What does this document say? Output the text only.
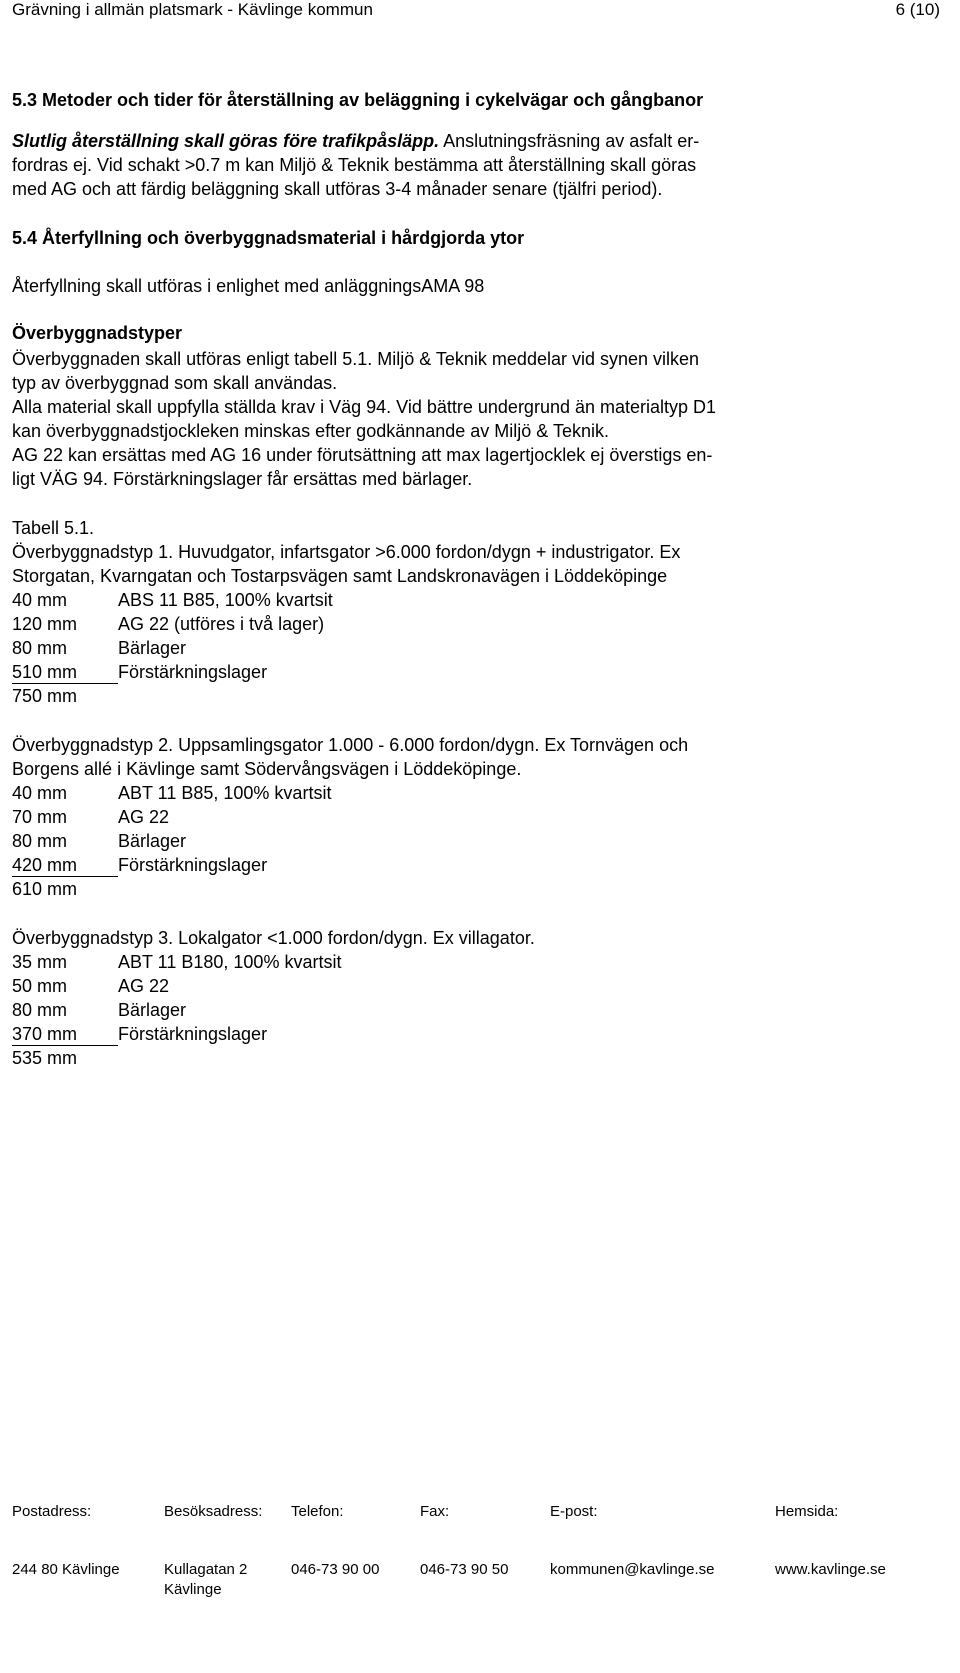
Grävning i allmän platsmark - Kävlinge kommun	6 (10)
5.3 Metoder och tider för återställning av beläggning i cykelvägar och gångbanor
Slutlig återställning skall göras före trafikpåsläpp. Anslutningsfräsning av asfalt er-
fordras ej. Vid schakt >0.7 m kan Miljö & Teknik bestämma att återställning skall göras
med AG och att färdig beläggning skall utföras 3-4 månader senare (tjälfri period).
5.4 Återfyllning och överbyggnadsmaterial i hårdgjorda ytor
Återfyllning skall utföras i enlighet med anläggningsAMA 98
Överbyggnadstyper
Överbyggnaden skall utföras enligt tabell 5.1. Miljö & Teknik meddelar vid synen vilken
typ av överbyggnad som skall användas.
Alla material skall uppfylla ställda krav i Väg 94. Vid bättre undergrund än materialtyp D1
kan överbyggnadstjockleken minskas efter godkännande av Miljö & Teknik.
AG 22 kan ersättas med AG 16 under förutsättning att max lagertjocklek ej överstigs en-
ligt VÄG 94. Förstärkningslager får ersättas med bärlager.
Tabell 5.1.
Överbyggnadstyp 1. Huvudgator, infartsgator >6.000 fordon/dygn + industrigator. Ex
Storgatan, Kvarngatan och Tostarpsvägen samt Landskronavägen i Löddeköpinge
40 mm	ABS 11 B85, 100% kvartsit
120 mm	AG 22 (utföres i två lager)
80 mm	Bärlager
510 mm	Förstärkningslager
750 mm
Överbyggnadstyp 2. Uppsamlingsgator 1.000 - 6.000 fordon/dygn. Ex Tornvägen och
Borgens allé i Kävlinge samt Södervångsvägen i Löddeköpinge.
40 mm	ABT 11 B85, 100% kvartsit
70 mm	AG 22
80 mm	Bärlager
420 mm	Förstärkningslager
610 mm
Överbyggnadstyp 3. Lokalgator <1.000 fordon/dygn. Ex villagator.
35 mm	ABT 11 B180, 100% kvartsit
50 mm	AG 22
80 mm	Bärlager
370 mm	Förstärkningslager
535 mm
Postadress:	Besöksadress: Telefon:	Fax:	E-post:	Hemsida:
244 80 Kävlinge	Kullagatan 2
Kävlinge
046-73 90 00	046-73 90 50	kommunen@kavlinge.se	www.kavlinge.se
